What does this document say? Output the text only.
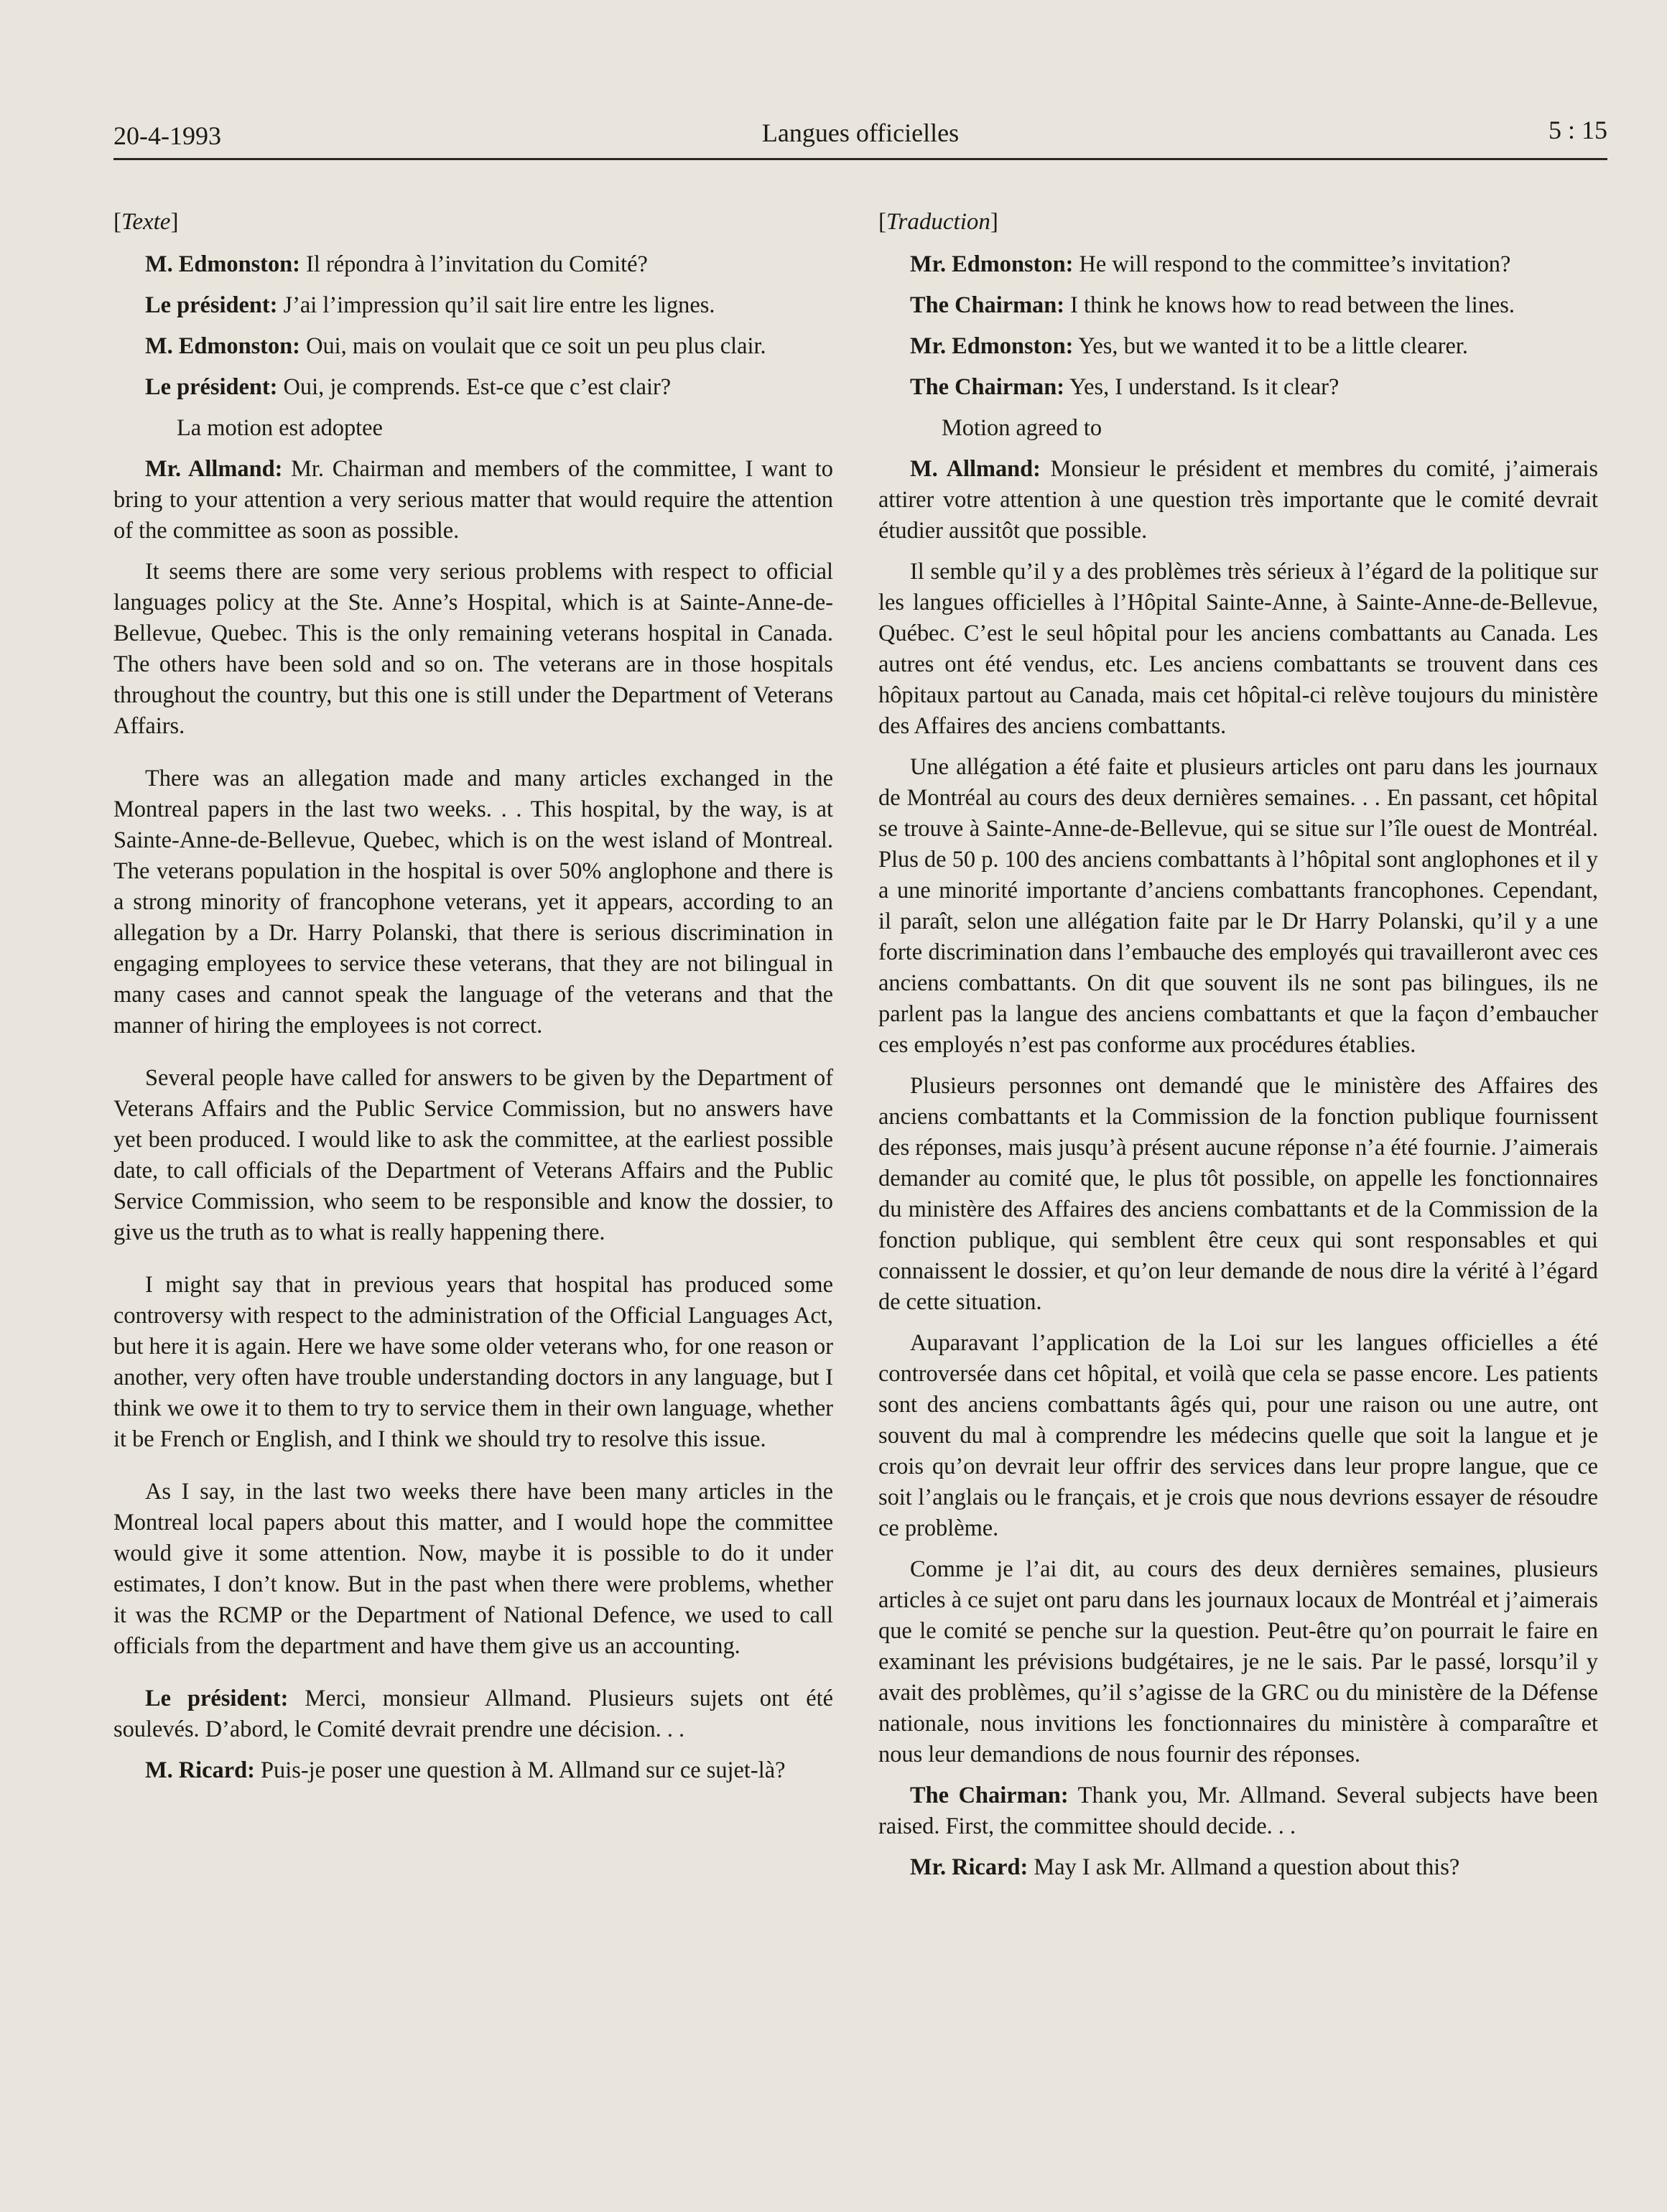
20-4-1993	Langues officielles	5 : 15
[Texte]

M. Edmonston: Il répondra à l’invitation du Comité?

Le président: J’ai l’impression qu’il sait lire entre les lignes.

M. Edmonston: Oui, mais on voulait que ce soit un peu plus clair.

Le président: Oui, je comprends. Est-ce que c’est clair?

La motion est adoptee

Mr. Allmand: Mr. Chairman and members of the committee, I want to bring to your attention a very serious matter that would require the attention of the committee as soon as possible.

It seems there are some very serious problems with respect to official languages policy at the Ste. Anne’s Hospital, which is at Sainte-Anne-de-Bellevue, Quebec. This is the only remaining veterans hospital in Canada. The others have been sold and so on. The veterans are in those hospitals throughout the country, but this one is still under the Department of Veterans Affairs.

There was an allegation made and many articles exchanged in the Montreal papers in the last two weeks. . . This hospital, by the way, is at Sainte-Anne-de-Bellevue, Quebec, which is on the west island of Montreal. The veterans population in the hospital is over 50% anglophone and there is a strong minority of francophone veterans, yet it appears, according to an allegation by a Dr. Harry Polanski, that there is serious discrimination in engaging employees to service these veterans, that they are not bilingual in many cases and cannot speak the language of the veterans and that the manner of hiring the employees is not correct.

Several people have called for answers to be given by the Department of Veterans Affairs and the Public Service Commission, but no answers have yet been produced. I would like to ask the committee, at the earliest possible date, to call officials of the Department of Veterans Affairs and the Public Service Commission, who seem to be responsible and know the dossier, to give us the truth as to what is really happening there.

I might say that in previous years that hospital has produced some controversy with respect to the administration of the Official Languages Act, but here it is again. Here we have some older veterans who, for one reason or another, very often have trouble understanding doctors in any language, but I think we owe it to them to try to service them in their own language, whether it be French or English, and I think we should try to resolve this issue.

As I say, in the last two weeks there have been many articles in the Montreal local papers about this matter, and I would hope the committee would give it some attention. Now, maybe it is possible to do it under estimates, I don’t know. But in the past when there were problems, whether it was the RCMP or the Department of National Defence, we used to call officials from the department and have them give us an accounting.

Le président: Merci, monsieur Allmand. Plusieurs sujets ont été soulevés. D’abord, le Comité devrait prendre une décision. . .

M. Ricard: Puis-je poser une question à M. Allmand sur ce sujet-là?

[Traduction]

Mr. Edmonston: He will respond to the committee’s invitation?

The Chairman: I think he knows how to read between the lines.

Mr. Edmonston: Yes, but we wanted it to be a little clearer.

The Chairman: Yes, I understand. Is it clear?

Motion agreed to

M. Allmand: Monsieur le président et membres du comité, j’aimerais attirer votre attention à une question très importante que le comité devrait étudier aussitôt que possible.

Il semble qu’il y a des problèmes très sérieux à l’égard de la politique sur les langues officielles à l’Hôpital Sainte-Anne, à Sainte-Anne-de-Bellevue, Québec. C’est le seul hôpital pour les anciens combattants au Canada. Les autres ont été vendus, etc. Les anciens combattants se trouvent dans ces hôpitaux partout au Canada, mais cet hôpital-ci relève toujours du ministère des Affaires des anciens combattants.

Une allégation a été faite et plusieurs articles ont paru dans les journaux de Montréal au cours des deux dernières semaines. . . En passant, cet hôpital se trouve à Sainte-Anne-de-Bellevue, qui se situe sur l’île ouest de Montréal. Plus de 50 p. 100 des anciens combattants à l’hôpital sont anglophones et il y a une minorité importante d’anciens combattants francophones. Cependant, il paraît, selon une allégation faite par le Dr Harry Polanski, qu’il y a une forte discrimination dans l’embauche des employés qui travailleront avec ces anciens combattants. On dit que souvent ils ne sont pas bilingues, ils ne parlent pas la langue des anciens combattants et que la façon d’embaucher ces employés n’est pas conforme aux procédures établies.

Plusieurs personnes ont demandé que le ministère des Affaires des anciens combattants et la Commission de la fonction publique fournissent des réponses, mais jusqu’à présent aucune réponse n’a été fournie. J’aimerais demander au comité que, le plus tôt possible, on appelle les fonctionnaires du ministère des Affaires des anciens combattants et de la Commission de la fonction publique, qui semblent être ceux qui sont responsables et qui connaissent le dossier, et qu’on leur demande de nous dire la vérité à l’égard de cette situation.

Auparavant l’application de la Loi sur les langues officielles a été controversée dans cet hôpital, et voilà que cela se passe encore. Les patients sont des anciens combattants âgés qui, pour une raison ou une autre, ont souvent du mal à comprendre les médecins quelle que soit la langue et je crois qu’on devrait leur offrir des services dans leur propre langue, que ce soit l’anglais ou le français, et je crois que nous devrions essayer de résoudre ce problème.

Comme je l’ai dit, au cours des deux dernières semaines, plusieurs articles à ce sujet ont paru dans les journaux locaux de Montréal et j’aimerais que le comité se penche sur la question. Peut-être qu’on pourrait le faire en examinant les prévisions budgétaires, je ne le sais. Par le passé, lorsqu’il y avait des problèmes, qu’il s’agisse de la GRC ou du ministère de la Défense nationale, nous invitions les fonctionnaires du ministère à comparaître et nous leur demandions de nous fournir des réponses.

The Chairman: Thank you, Mr. Allmand. Several subjects have been raised. First, the committee should decide. . .

Mr. Ricard: May I ask Mr. Allmand a question about this?
